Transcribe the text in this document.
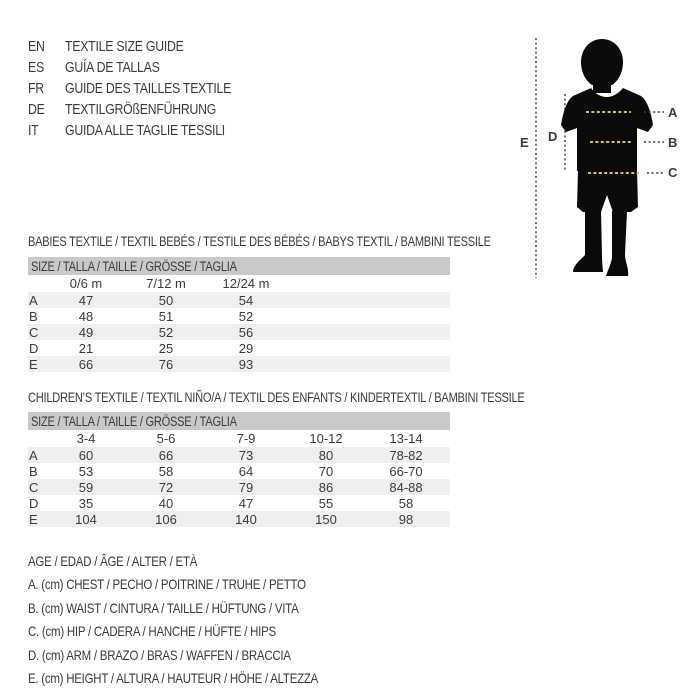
EN	TEXTILE SIZE GUIDE
ES	GUÍA DE TALLAS
FR	GUIDE DES TAILLES TEXTILE
DE	TEXTILGRÖßENFÜHRUNG
IT	GUIDA ALLE TAGLIE TESSILI
E D
A
B
C
BABIES TEXTILE / TEXTIL BEBÉS / TESTILE DES BÉBÉS / BABYS TEXTIL / BAMBINI TESSILE
SIZE / TALLA / TAILLE / GRÖSSE / TAGLIA
0/6 m	7/12 m	12/24 m
A	47	50	54
B	48	51	52
C	49	52	56
D	21	25	29
E	66	76	93
CHILDREN’S TEXTILE / TEXTIL NIÑO/A / TEXTIL DES ENFANTS / KINDERTEXTIL / BAMBINI TESSILE
SIZE / TALLA / TAILLE / GRÖSSE / TAGLIA
3-4	5-6	7-9	10-12	13-14
A	60	66	73	80	78-82
B	53	58	64	70	66-70
C	59	72	79	86	84-88
D	35	40	47	55	58
E	104	106	140	150	98
AGE / EDAD / ÂGE / ALTER / ETÀ
A. (cm) CHEST / PECHO / POITRINE / TRUHE / PETTO
B. (cm) WAIST / CINTURA / TAILLE / HÜFTUNG / VITA
C. (cm) HIP / CADERA / HANCHE / HÜFTE / HIPS
D. (cm) ARM / BRAZO / BRAS / WAFFEN / BRACCIA
E. (cm) HEIGHT / ALTURA / HAUTEUR / HÖHE / ALTEZZA
